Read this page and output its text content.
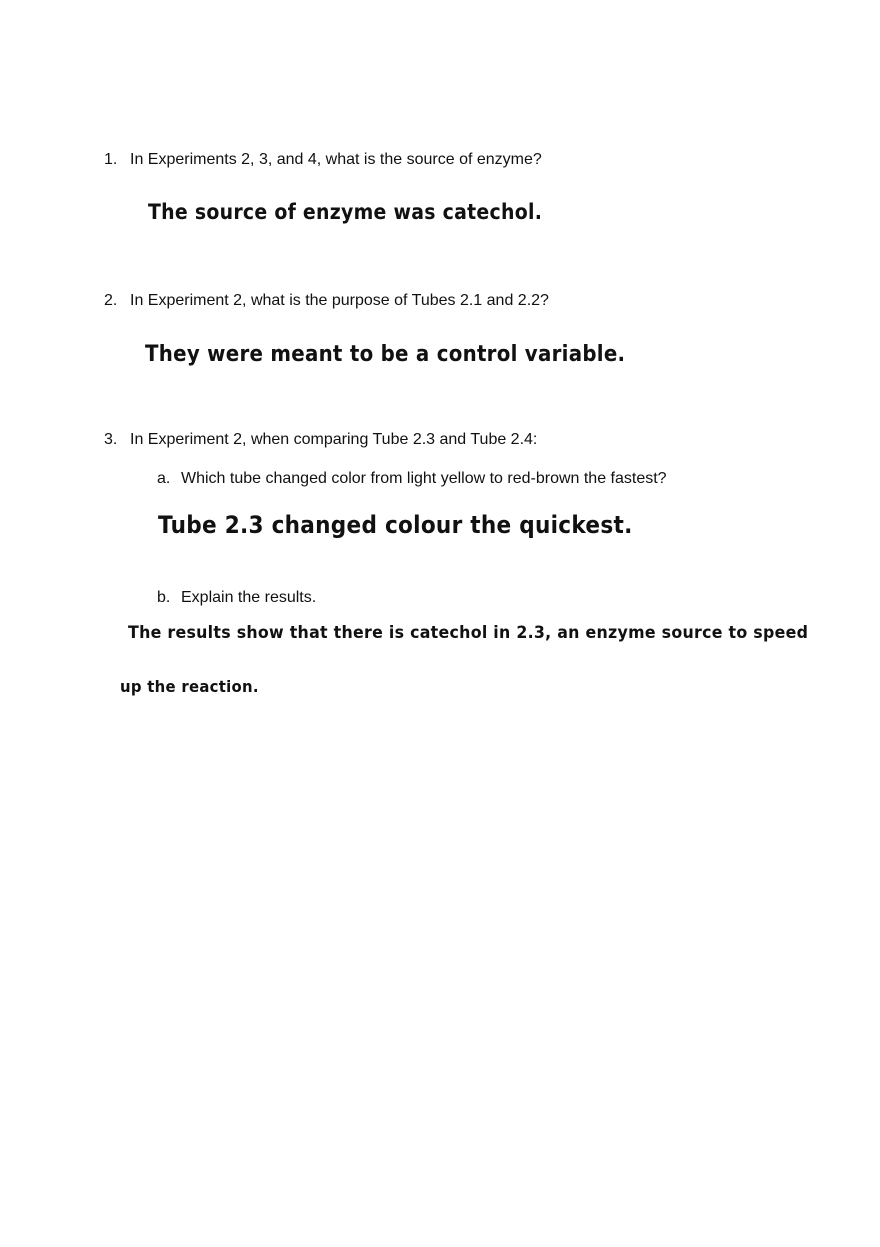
1. In Experiments 2, 3, and 4, what is the source of enzyme?
The source of enzyme was catechol.
2. In Experiment 2, what is the purpose of Tubes 2.1 and 2.2?
They were meant to be a control variable.
3. In Experiment 2, when comparing Tube 2.3 and Tube 2.4:
a. Which tube changed color from light yellow to red-brown the fastest?
Tube 2.3 changed colour the quickest.
b. Explain the results.
The results show that there is catechol in 2.3, an enzyme source to speed
up the reaction.
